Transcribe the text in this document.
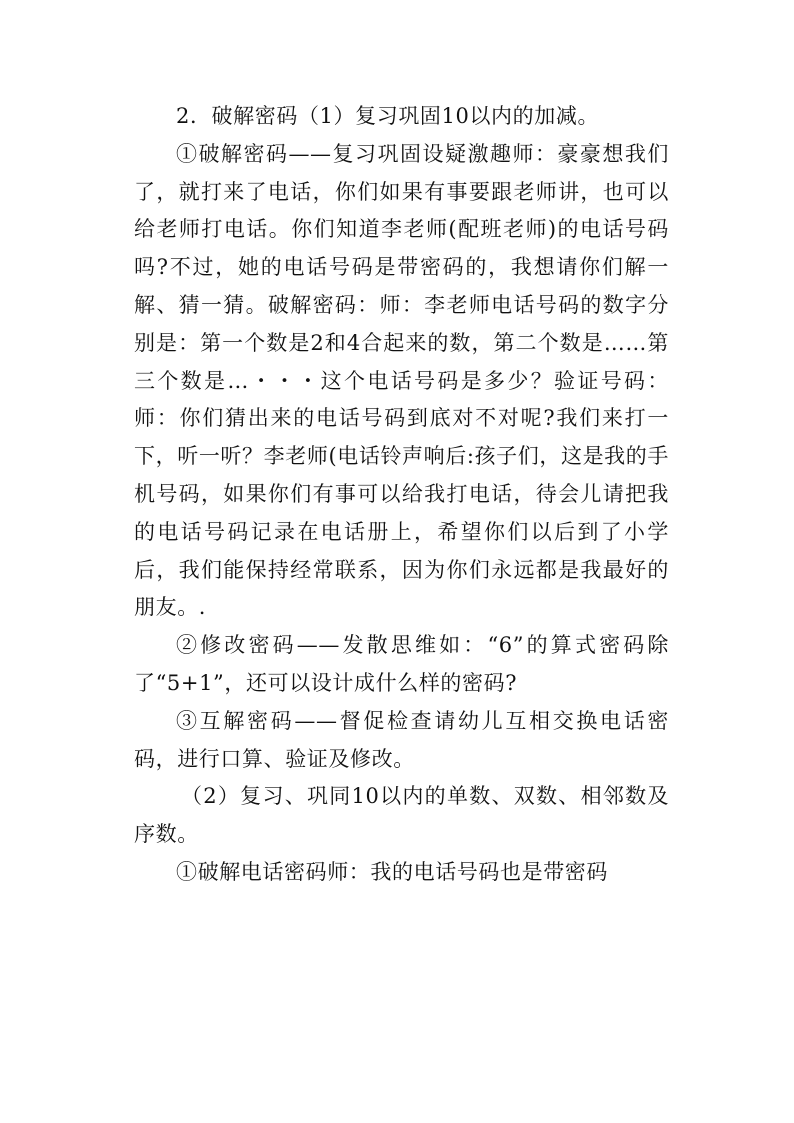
2．破解密码（1）复习巩固10以内的加减。

①破解密码——复习巩固设疑激趣师：豪豪想我们了，就打来了电话，你们如果有事要跟老师讲，也可以给老师打电话。你们知道李老师(配班老师)的电话号码吗?不过，她的电话号码是带密码的，我想请你们解一解、猜一猜。破解密码：师：李老师电话号码的数字分别是：第一个数是2和4合起来的数，第二个数是……第三个数是…・・・这个电话号码是多少？验证号码：师：你们猜出来的电话号码到底对不对呢?我们来打一下，听一听？李老师(电话铃声响后:孩子们，这是我的手机号码，如果你们有事可以给我打电话，待会儿请把我的电话号码记录在电话册上，希望你们以后到了小学后，我们能保持经常联系，因为你们永远都是我最好的朋友。.

②修改密码——发散思维如：“6”的算式密码除了“5+1”，还可以设计成什么样的密码?

③互解密码——督促检查请幼儿互相交换电话密码，进行口算、验证及修改。

（2）复习、巩同10以内的单数、双数、相邻数及序数。

①破解电话密码师：我的电话号码也是带密码
